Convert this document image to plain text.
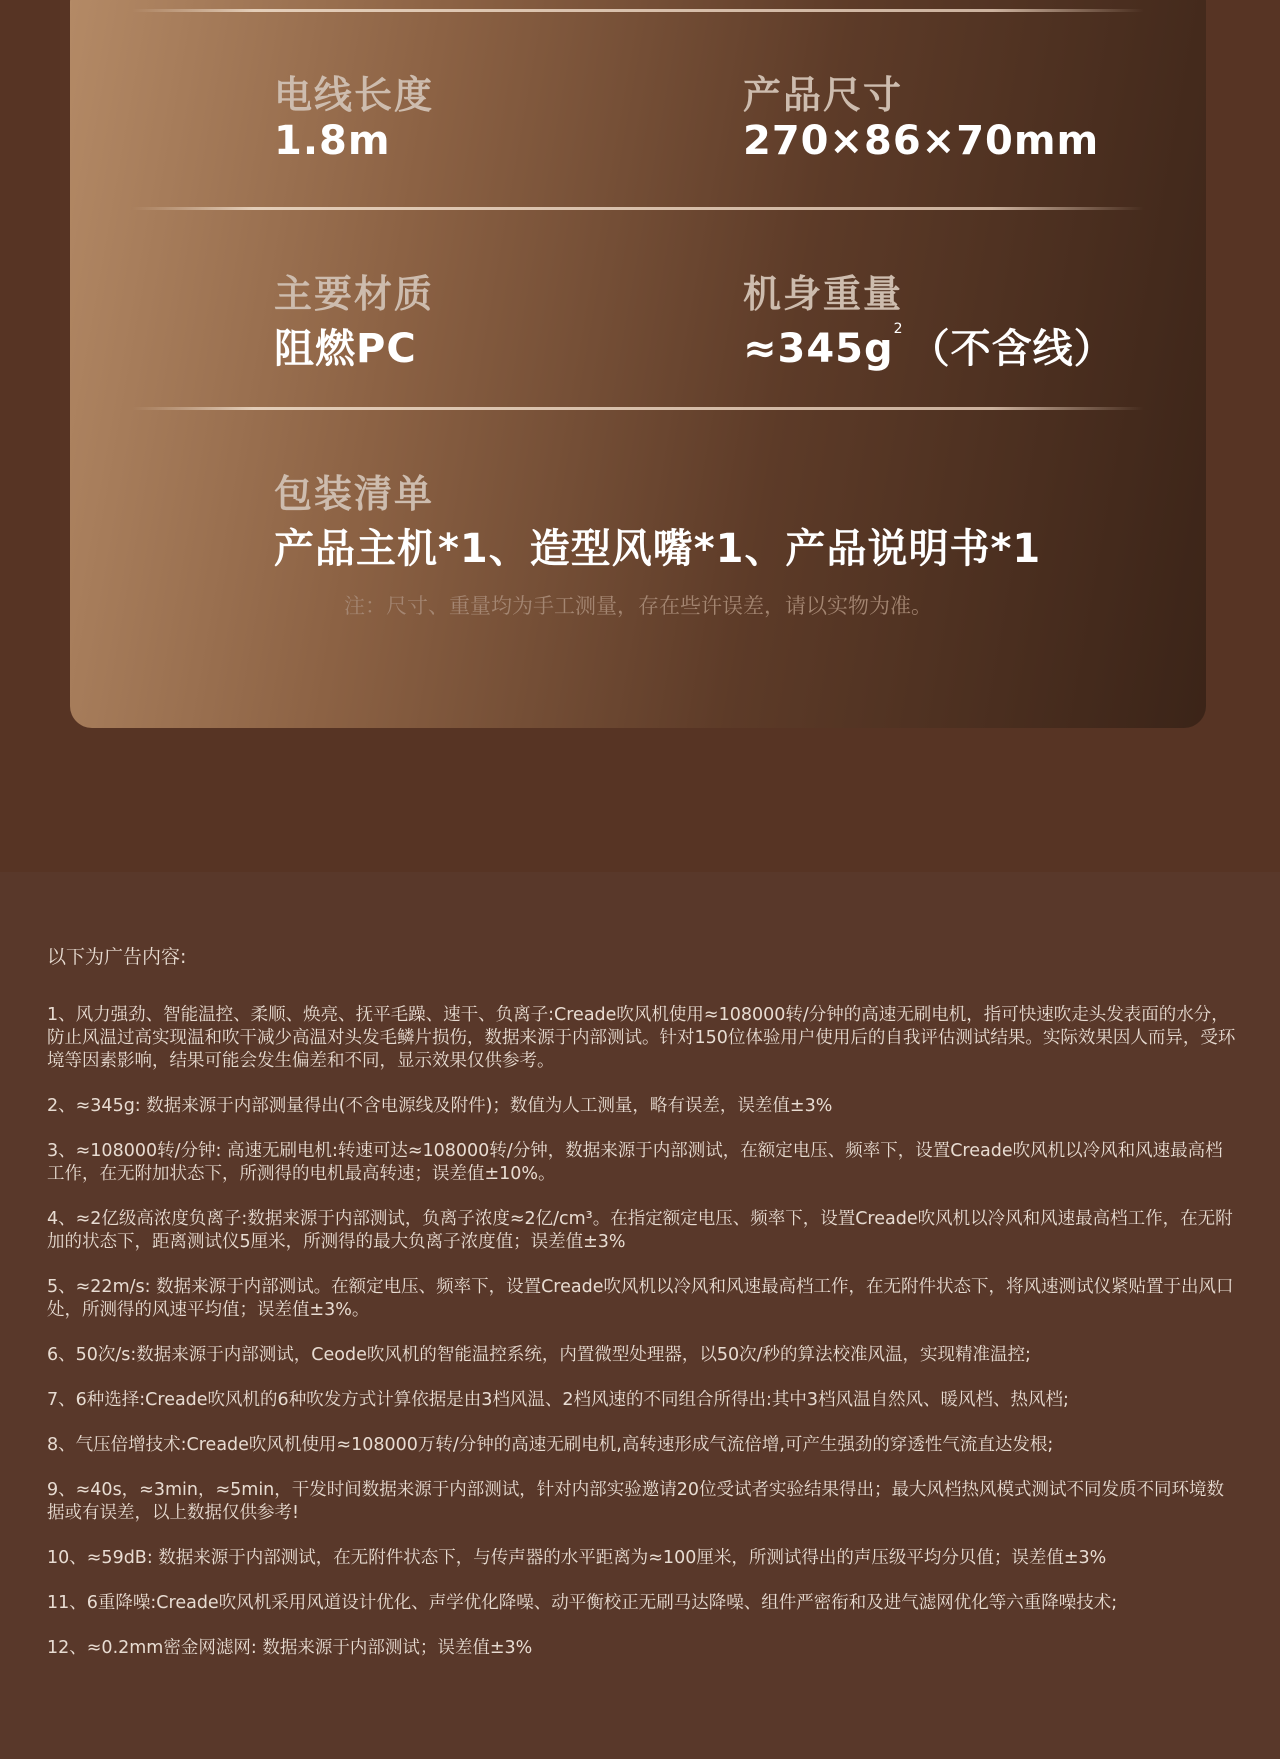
电线长度
1.8m
产品尺寸
270×86×70mm
主要材质
阻燃PC
机身重量
$\approx 345g^2$ （不含线）
包装清单
产品主机*1、造型风嘴*1、产品说明书*1
注：尺寸、重量均为手工测量，存在些许误差，请以实物为准。
以下为广告内容:
1、风力强劲、智能温控、柔顺、焕亮、抚平毛躁、速干、负离子:Creade吹风机使用≈108000转/分钟的高速无刷电机，指可快速吹走头发表面的水分，防止风温过高实现温和吹干减少高温对头发毛鳞片损伤，数据来源于内部测试。针对150位体验用户使用后的自我评估测试结果。实际效果因人而异，受环境等因素影响，结果可能会发生偏差和不同，显示效果仅供参考。
2、≈345g: 数据来源于内部测量得出(不含电源线及附件)；数值为人工测量，略有误差，误差值±3%
3、≈108000转/分钟: 高速无刷电机:转速可达≈108000转/分钟，数据来源于内部测试，在额定电压、频率下，设置Creade吹风机以冷风和风速最高档工作，在无附加状态下，所测得的电机最高转速；误差值±10%。
4、≈2亿级高浓度负离子:数据来源于内部测试，负离子浓度≈2亿/cm³。在指定额定电压、频率下，设置Creade吹风机以冷风和风速最高档工作，在无附加的状态下，距离测试仪5厘米，所测得的最大负离子浓度值；误差值±3%
5、≈22m/s: 数据来源于内部测试。在额定电压、频率下，设置Creade吹风机以冷风和风速最高档工作，在无附件状态下，将风速测试仪紧贴置于出风口处，所测得的风速平均值；误差值±3%。
6、50次/s:数据来源于内部测试，Ceode吹风机的智能温控系统，内置微型处理器，以50次/秒的算法校准风温，实现精准温控;
7、6种选择:Creade吹风机的6种吹发方式计算依据是由3档风温、2档风速的不同组合所得出:其中3档风温自然风、暖风档、热风档;
8、气压倍增技术:Creade吹风机使用≈108000万转/分钟的高速无刷电机,高转速形成气流倍增,可产生强劲的穿透性气流直达发根;
9、≈40s，≈3min，≈5min，干发时间数据来源于内部测试，针对内部实验邀请20位受试者实验结果得出；最大风档热风模式测试不同发质不同环境数据或有误差，以上数据仅供参考!
10、≈59dB: 数据来源于内部测试，在无附件状态下，与传声器的水平距离为≈100厘米，所测试得出的声压级平均分贝值；误差值±3%
11、6重降噪:Creade吹风机采用风道设计优化、声学优化降噪、动平衡校正无刷马达降噪、组件严密衔和及进气滤网优化等六重降噪技术;
12、≈0.2mm密金网滤网: 数据来源于内部测试；误差值±3%
